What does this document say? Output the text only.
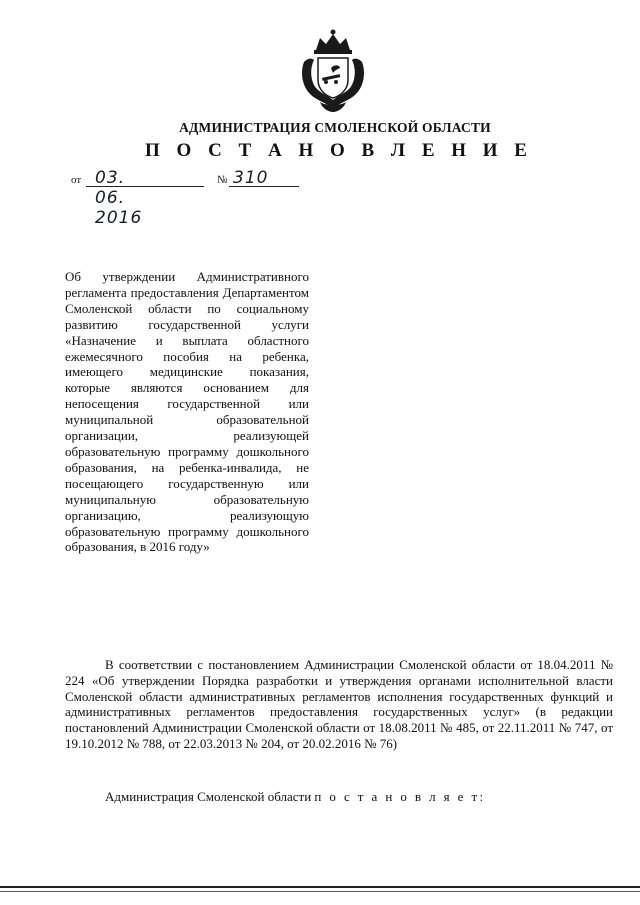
АДМИНИСТРАЦИЯ СМОЛЕНСКОЙ ОБЛАСТИ
П О С Т А Н О В Л Е Н И Е
от 03. 06. 2016
№ 310
Об утверждении Административного регламента предоставления Департаментом Смоленской области по социальному развитию государственной услуги «Назначение и выплата областного ежемесячного пособия на ребенка, имеющего медицинские показания, которые являются основанием для непосещения государственной или муниципальной образовательной организации, реализующей образовательную программу дошкольного образования, на ребенка-инвалида, не посещающего государственную или муниципальную образовательную организацию, реализующую образовательную программу дошкольного образования, в 2016 году»
В соответствии с постановлением Администрации Смоленской области от 18.04.2011 № 224 «Об утверждении Порядка разработки и утверждения органами исполнительной власти Смоленской области административных регламентов исполнения государственных функций и административных регламентов предоставления государственных услуг» (в редакции постановлений Администрации Смоленской области от 18.08.2011 № 485, от 22.11.2011 № 747, от 19.10.2012 № 788, от 22.03.2013 № 204, от 20.02.2016 № 76)
Администрация Смоленской области п о с т а н о в л я е т:
